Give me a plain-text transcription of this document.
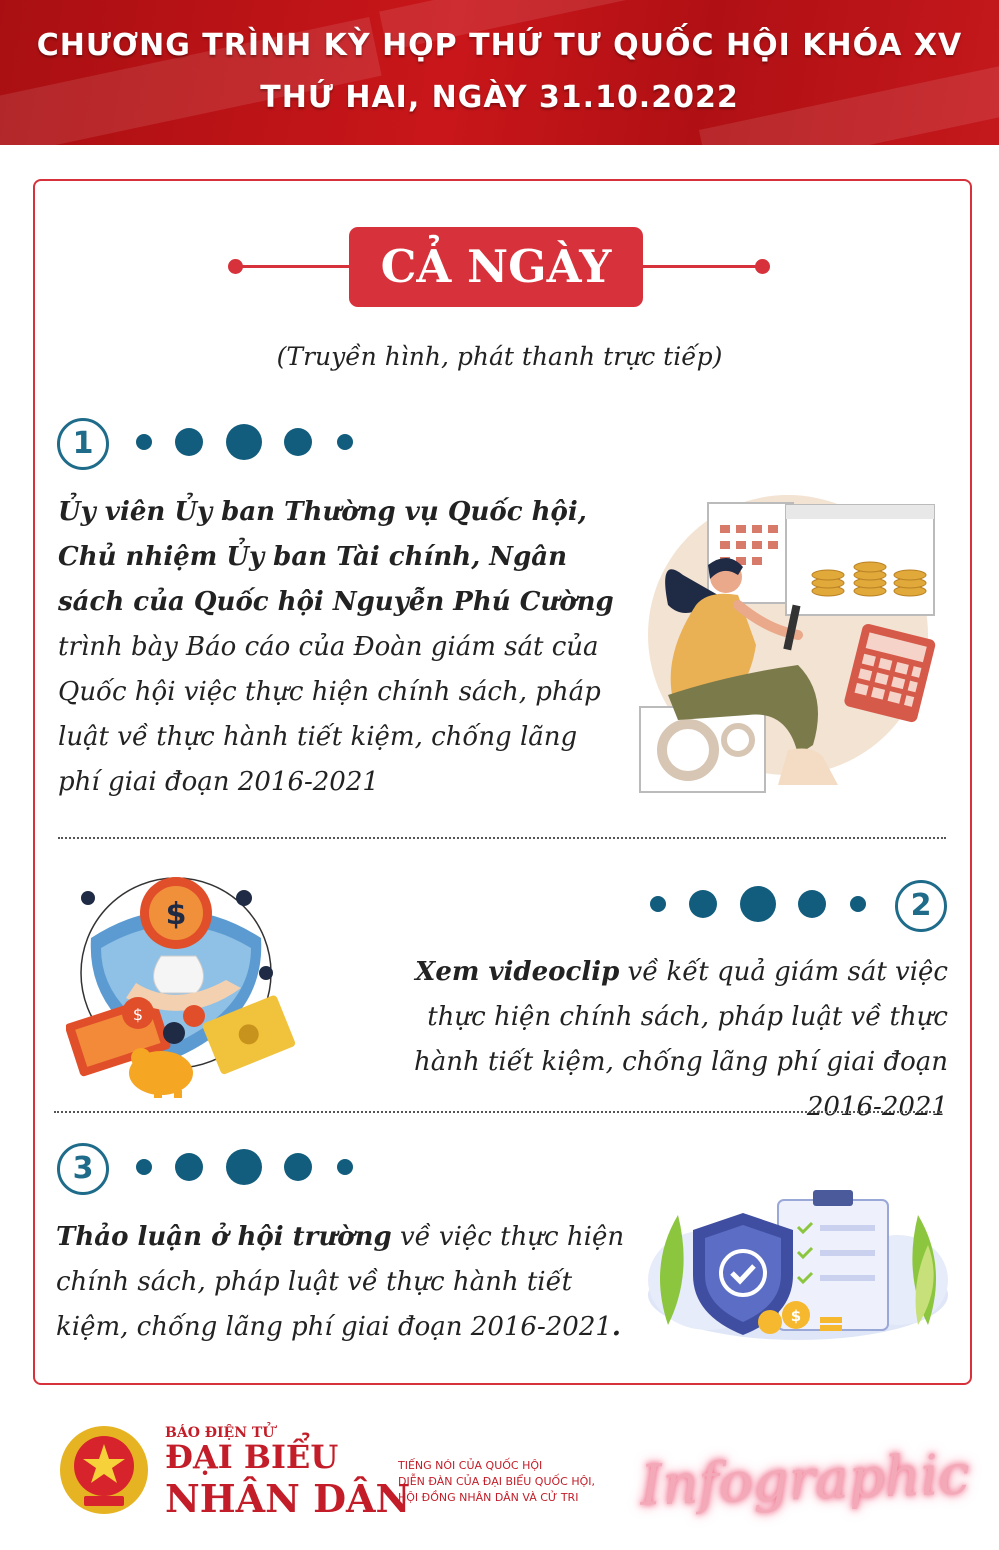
CHƯƠNG TRÌNH KỲ HỌP THỨ TƯ QUỐC HỘI KHÓA XV
THỨ HAI, NGÀY 31.10.2022
CẢ NGÀY
(Truyền hình, phát thanh trực tiếp)
1
Ủy viên Ủy ban Thường vụ Quốc hội, Chủ nhiệm Ủy ban Tài chính, Ngân sách của Quốc hội Nguyễn Phú Cường trình bày Báo cáo của Đoàn giám sát của Quốc hội việc thực hiện chính sách, pháp luật về thực hành tiết kiệm, chống lãng phí giai đoạn 2016-2021
2
Xem videoclip về kết quả giám sát việc thực hiện chính sách, pháp luật về thực hành tiết kiệm, chống lãng phí giai đoạn 2016-2021
$
$
3
Thảo luận ở hội trường về việc thực hiện chính sách, pháp luật về thực hành tiết kiệm, chống lãng phí giai đoạn 2016-2021.	$
BÁO ĐIỆN TỬ
ĐẠI BIỂU
NHÂN DÂN
TIẾNG NÓI CỦA QUỐC HỘI
DIỄN ĐÀN CỦA ĐẠI BIỂU QUỐC HỘI,
HỘI ĐỒNG NHÂN DÂN VÀ CỬ TRI Infographic
